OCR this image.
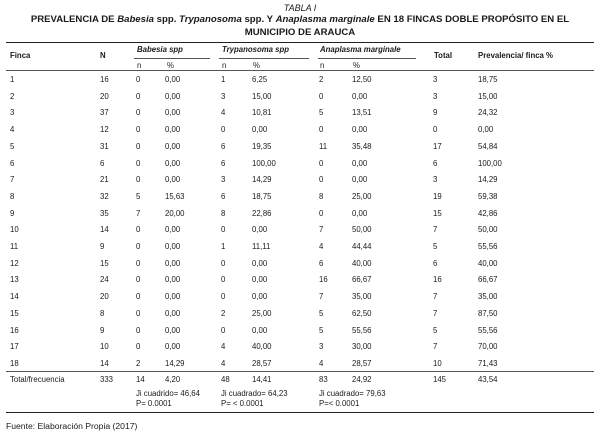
TABLA I
PREVALENCIA DE Babesia spp. Trypanosoma spp. Y Anaplasma marginale EN 18 FINCAS DOBLE PROPÓSITO EN EL
MUNICIPIO DE ARAUCA
Finca	N
Babesia spp	Trypanosoma spp	Anaplasma marginale
Total	Prevalencia/ finca %
n	%	n	%	n	%
1	16	0	0,00	1	6,25	2	12,50	3	18,75
2	20	0	0,00	3	15,00	0	0,00	3	15,00
3	37	0	0,00	4	10,81	5	13,51	9	24,32
4	12	0	0,00	0	0,00	0	0,00	0	0,00
5	31	0	0,00	6	19,35	11	35,48	17	54,84
6	6	0	0,00	6	100,00	0	0,00	6	100,00
7	21	0	0,00	3	14,29	0	0,00	3	14,29
8	32	5	15,63	6	18,75	8	25,00	19	59,38
9	35	7	20,00	8	22,86	0	0,00	15	42,86
10	14	0	0,00	0	0,00	7	50,00	7	50,00
11	9	0	0,00	1	11,11	4	44,44	5	55,56
12	15	0	0,00	0	0,00	6	40,00	6	40,00
13	24	0	0,00	0	0,00	16	66,67	16	66,67
14	20	0	0,00	0	0,00	7	35,00	7	35,00
15	8	0	0,00	2	25,00	5	62,50	7	87,50
16	9	0	0,00	0	0,00	5	55,56	5	55,56
17	10	0	0,00	4	40,00	3	30,00	7	70,00
18	14	2	14,29	4	28,57	4	28,57	10	71,43
Total/frecuencia	333	14	4,20	48	14,41	83	24,92	145	43,54
Ji cuadrido= 46,64
P= 0.0001
Ji cuadrado= 64,23
P= < 0.0001
Ji cuadrado= 79,63
P=< 0.0001
Fuente: Elaboración Propia (2017)
